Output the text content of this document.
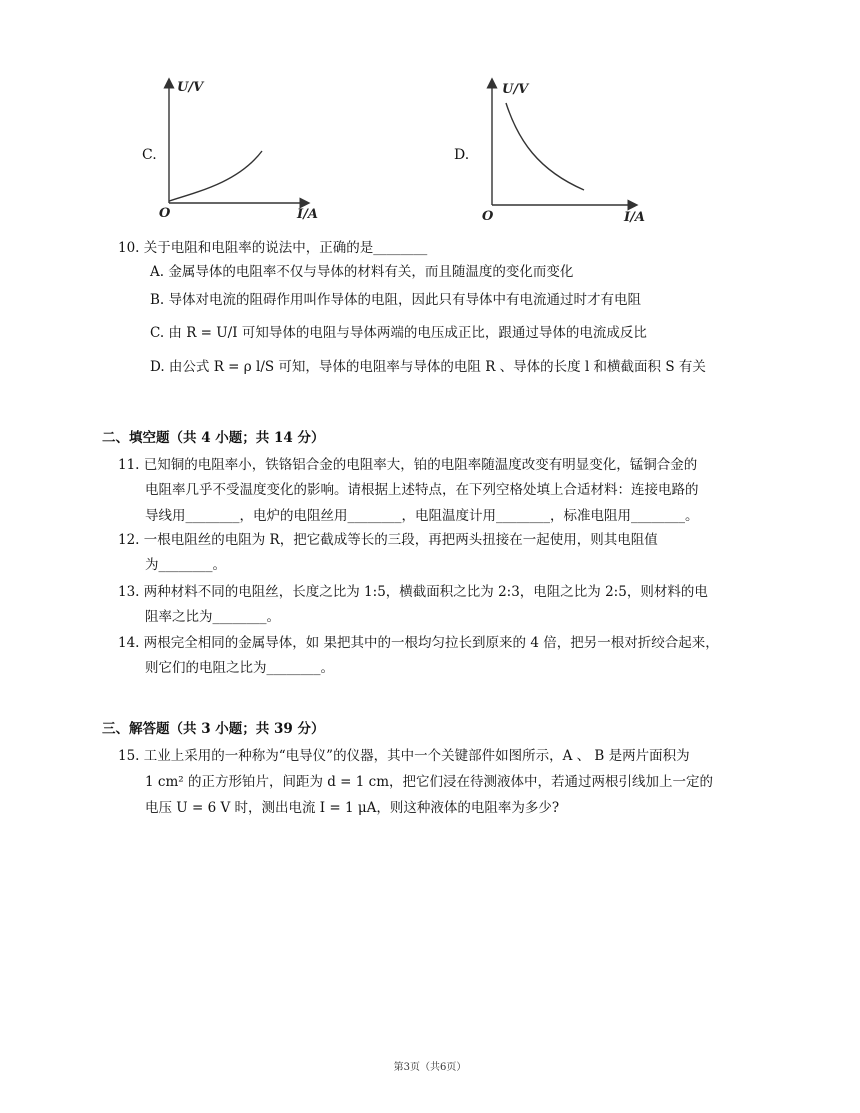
C.
U/V
I/A
O
D.
U/V
I/A
O
10. 关于电阻和电阻率的说法中，正确的是________
A. 金属导体的电阻率不仅与导体的材料有关，而且随温度的变化而变化
B. 导体对电流的阻碍作用叫作导体的电阻，因此只有导体中有电流通过时才有电阻
C. 由 R = U/I 可知导体的电阻与导体两端的电压成正比，跟通过导体的电流成反比
D. 由公式 R = ρ l/S 可知，导体的电阻率与导体的电阻 R 、导体的长度 l 和横截面积 S 有关
二、填空题（共 4 小题；共 14 分）
11. 已知铜的电阻率小，铁铬铝合金的电阻率大，铂的电阻率随温度改变有明显变化，锰铜合金的
电阻率几乎不受温度变化的影响。请根据上述特点，在下列空格处填上合适材料：连接电路的
导线用________，电炉的电阻丝用________，电阻温度计用________，标准电阻用________。
12. 一根电阻丝的电阻为 R，把它截成等长的三段，再把两头扭接在一起使用，则其电阻值
为________。
13. 两种材料不同的电阻丝，长度之比为 1:5，横截面积之比为 2:3，电阻之比为 2:5，则材料的电
阻率之比为________。
14. 两根完全相同的金属导体，如 果把其中的一根均匀拉长到原来的 4 倍，把另一根对折绞合起来，
则它们的电阻之比为________。
三、解答题（共 3 小题；共 39 分）
15. 工业上采用的一种称为“电导仪”的仪器，其中一个关键部件如图所示，A 、 B 是两片面积为
1 cm² 的正方形铂片，间距为 d = 1 cm，把它们浸在待测液体中，若通过两根引线加上一定的
电压 U = 6 V 时，测出电流 I = 1 μA，则这种液体的电阻率为多少?
第3页（共6页）
